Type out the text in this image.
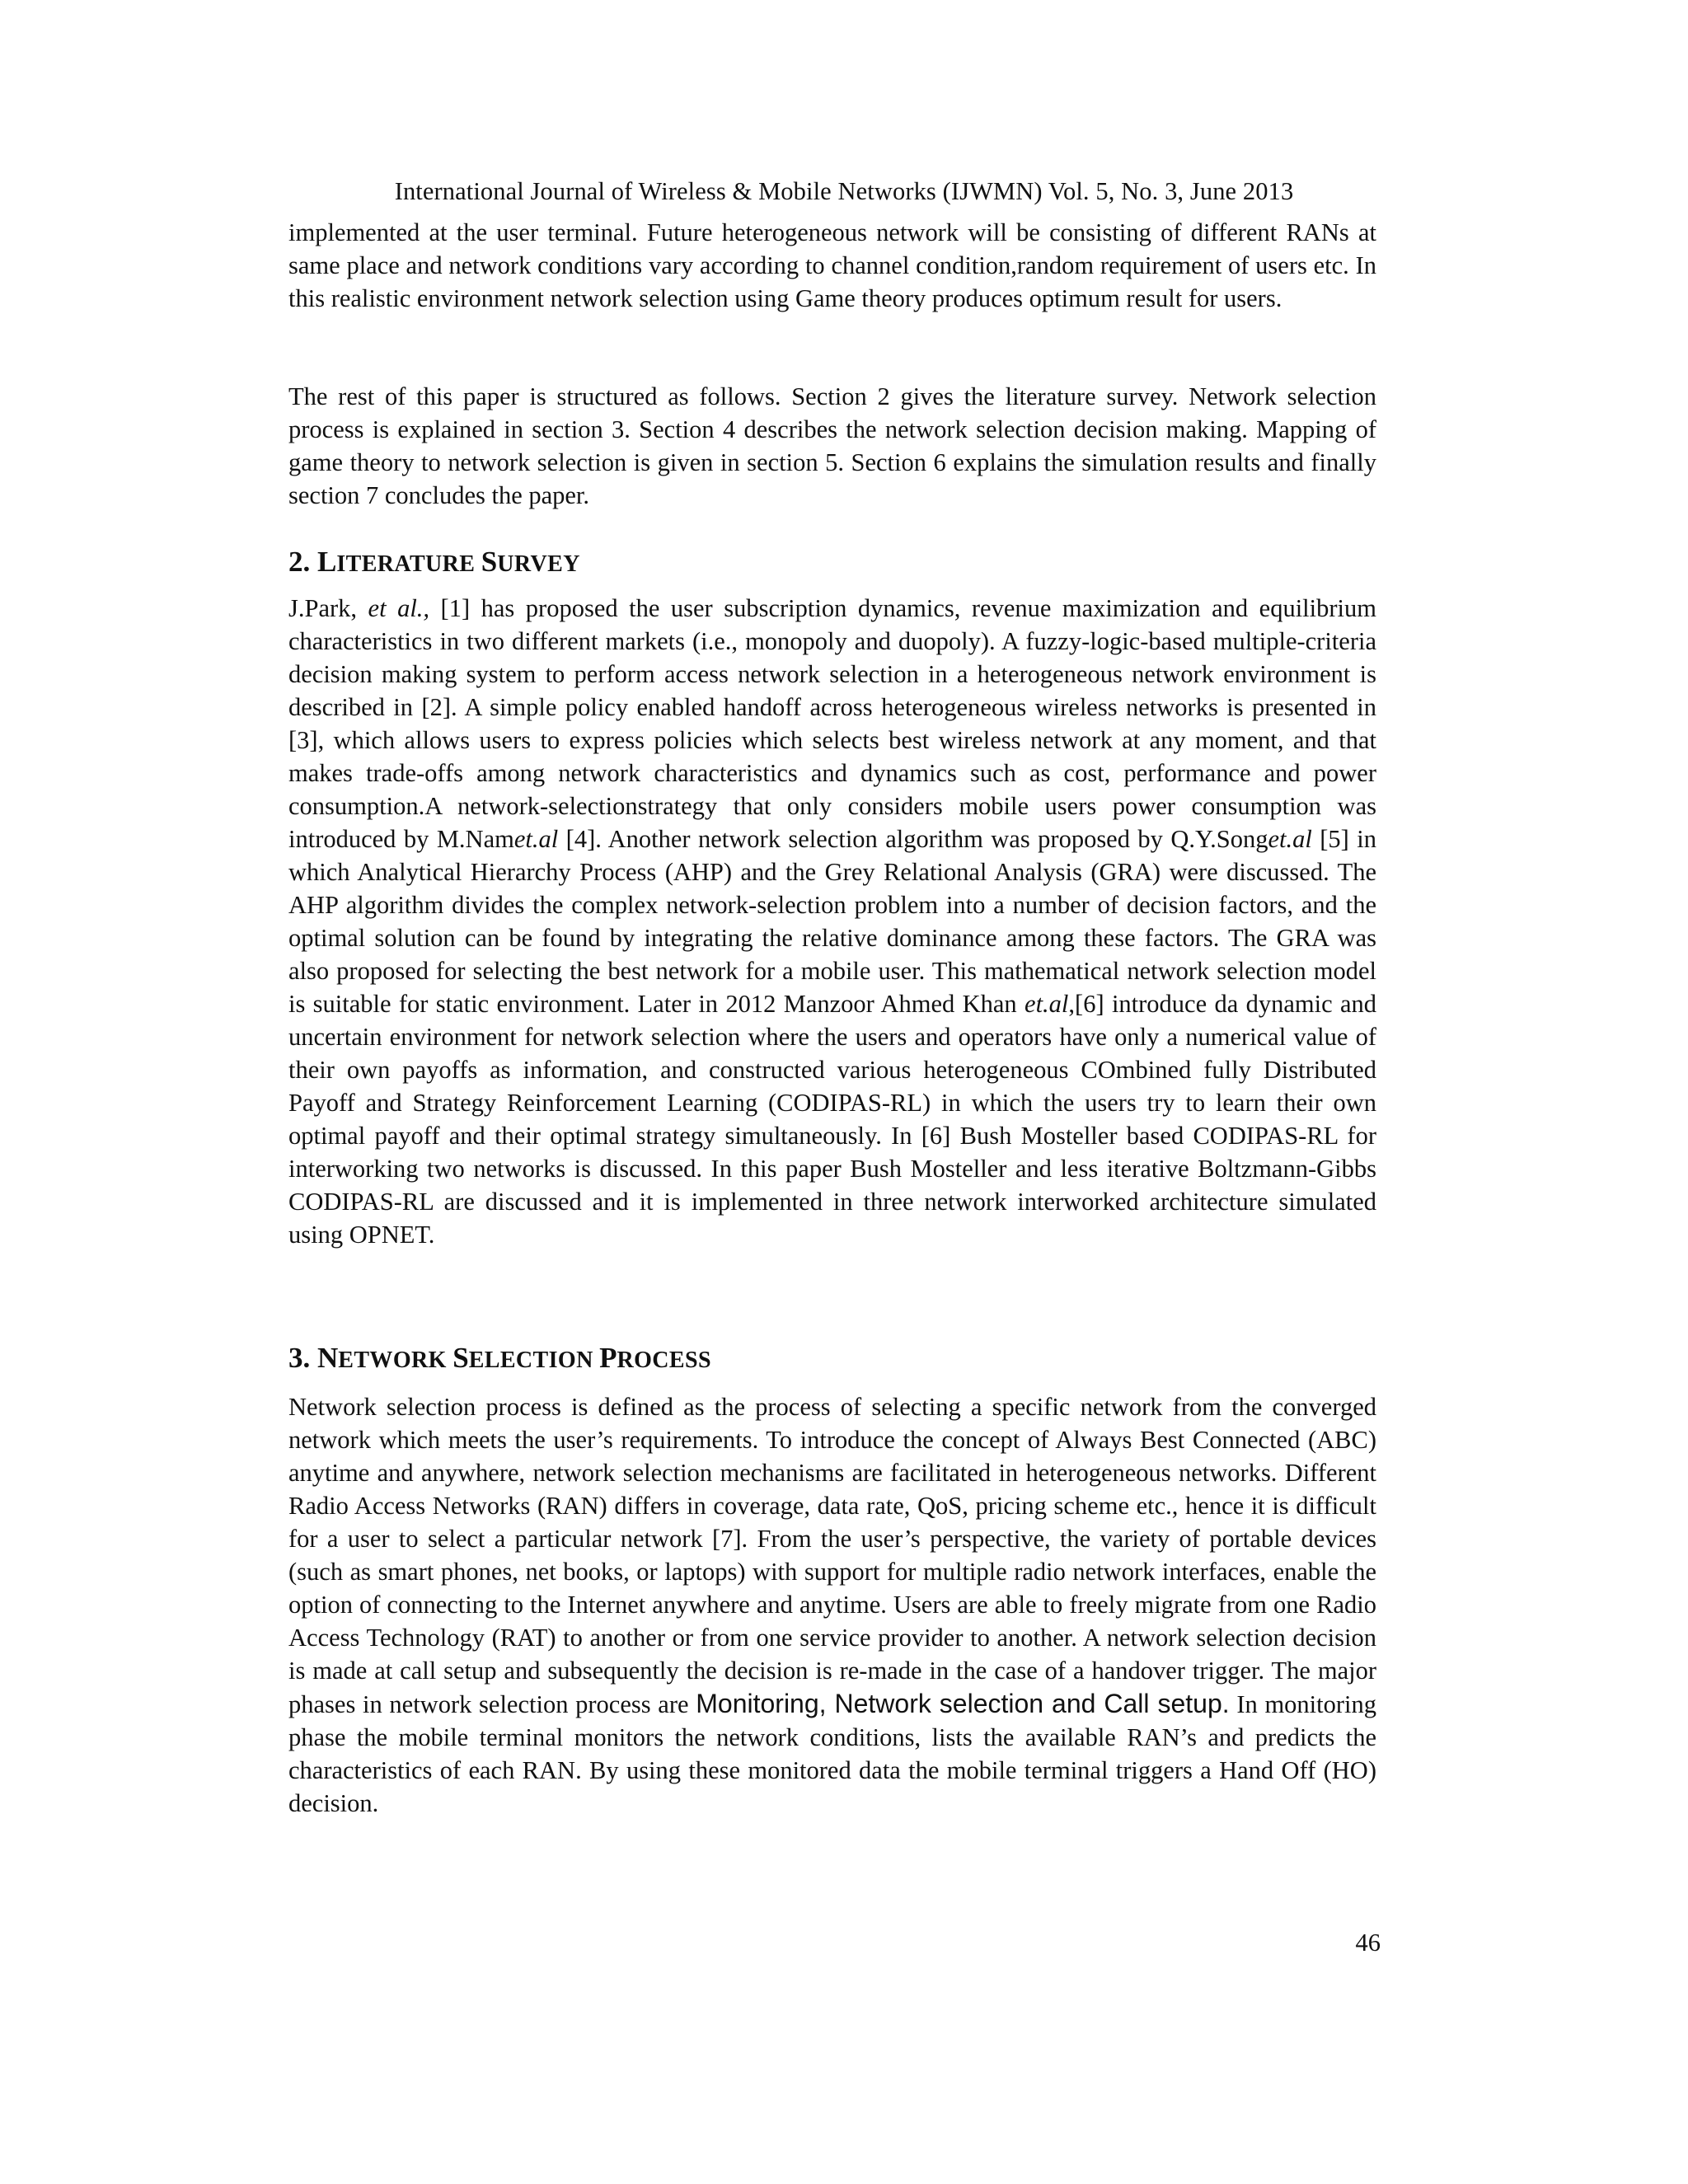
International Journal of Wireless & Mobile Networks (IJWMN) Vol. 5, No. 3, June 2013

implemented at the user terminal. Future heterogeneous network will be consisting of different RANs at same place and network conditions vary according to channel condition,random requirement of users etc. In this realistic environment network selection using Game theory produces optimum result for users.

The rest of this paper is structured as follows. Section 2 gives the literature survey. Network selection process is explained in section 3. Section 4 describes the network selection decision making. Mapping of game theory to network selection is given in section 5. Section 6 explains the simulation results and finally section 7 concludes the paper.

2. LITERATURE SURVEY

J.Park, et al., [1] has proposed the user subscription dynamics, revenue maximization and equilibrium characteristics in two different markets (i.e., monopoly and duopoly). A fuzzy-logic-based multiple-criteria decision making system to perform access network selection in a heterogeneous network environment is described in [2]. A simple policy enabled handoff across heterogeneous wireless networks is presented in [3], which allows users to express policies which selects best wireless network at any moment, and that makes trade-offs among network characteristics and dynamics such as cost, performance and power consumption.A network-selectionstrategy that only considers mobile users power consumption was introduced by M.Namet.al [4]. Another network selection algorithm was proposed by Q.Y.Songet.al [5] in which Analytical Hierarchy Process (AHP) and the Grey Relational Analysis (GRA) were discussed. The AHP algorithm divides the complex network-selection problem into a number of decision factors, and the optimal solution can be found by integrating the relative dominance among these factors. The GRA was also proposed for selecting the best network for a mobile user. This mathematical network selection model is suitable for static environment. Later in 2012 Manzoor Ahmed Khan et.al,[6] introduce da dynamic and uncertain environment for network selection where the users and operators have only a numerical value of their own payoffs as information, and constructed various heterogeneous COmbined fully Distributed Payoff and Strategy Reinforcement Learning (CODIPAS-RL) in which the users try to learn their own optimal payoff and their optimal strategy simultaneously. In [6] Bush Mosteller based CODIPAS-RL for interworking two networks is discussed. In this paper Bush Mosteller and less iterative Boltzmann-Gibbs CODIPAS-RL are discussed and it is implemented in three network interworked architecture simulated using OPNET.

3. NETWORK SELECTION PROCESS

Network selection process is defined as the process of selecting a specific network from the converged network which meets the user’s requirements. To introduce the concept of Always Best Connected (ABC) anytime and anywhere, network selection mechanisms are facilitated in heterogeneous networks. Different Radio Access Networks (RAN) differs in coverage, data rate, QoS, pricing scheme etc., hence it is difficult for a user to select a particular network [7]. From the user’s perspective, the variety of portable devices (such as smart phones, net books, or laptops) with support for multiple radio network interfaces, enable the option of connecting to the Internet anywhere and anytime. Users are able to freely migrate from one Radio Access Technology (RAT) to another or from one service provider to another. A network selection decision is made at call setup and subsequently the decision is re-made in the case of a handover trigger. The major phases in network selection process are Monitoring, Network selection and Call setup. In monitoring phase the mobile terminal monitors the network conditions, lists the available RAN’s and predicts the characteristics of each RAN. By using these monitored data the mobile terminal triggers a Hand Off (HO) decision.

46
